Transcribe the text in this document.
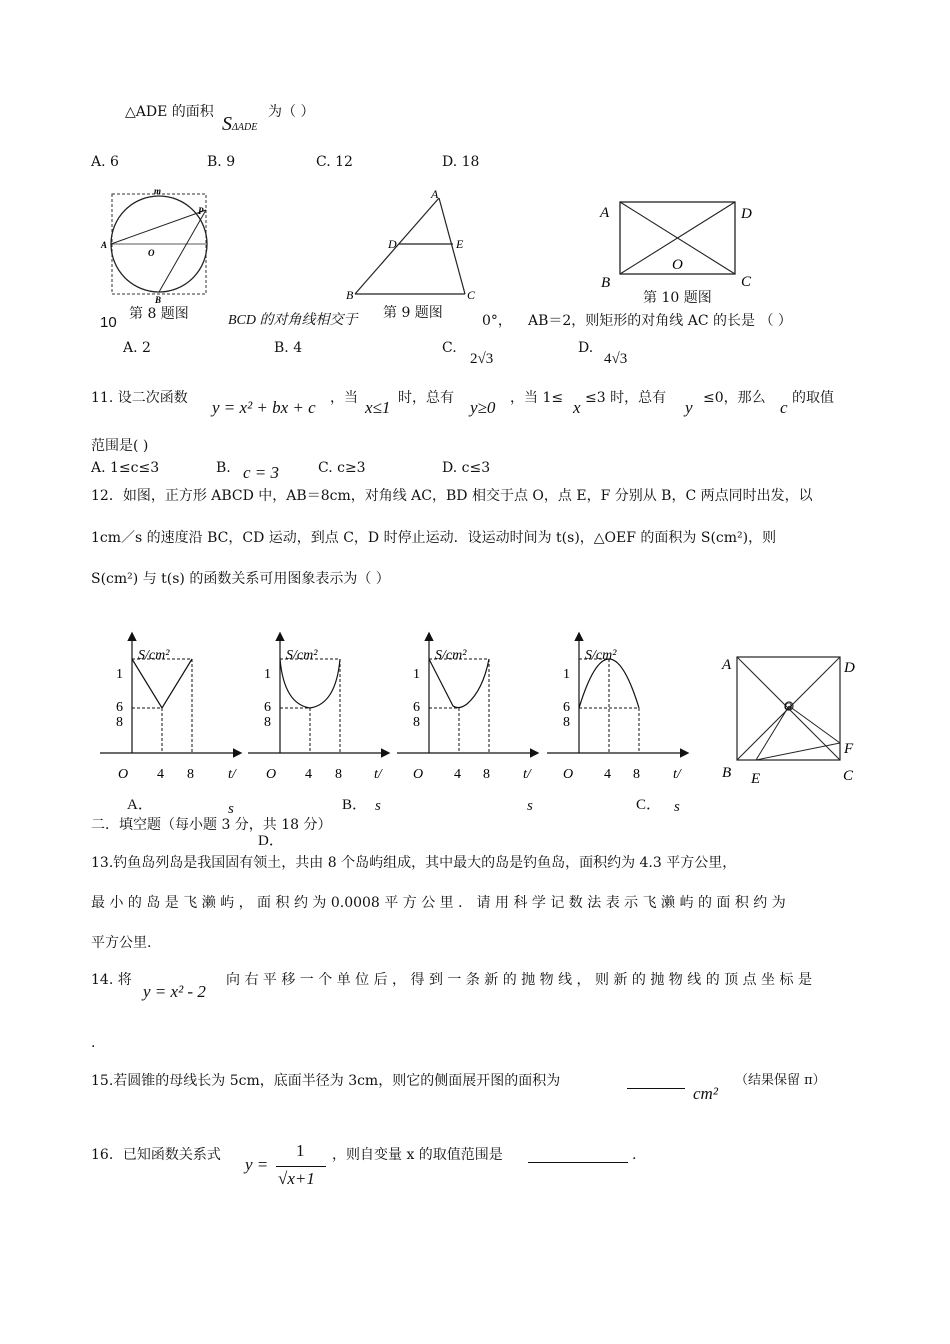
△ADE 的面积
SΔADE
为（ ）
A. 6	B. 9	C. 12	D. 18
m
P
A
O
B
第 8 题图
A
D	E
B	C
第 9 题图
A	D
B	C
O
第 10 题图
10	BCD 的对角线相交于	0°， AB＝2，则矩形的对角线 AC 的长是 （ ）
A. 2	B. 4	C.
2√3
D.
4√3
11. 设二次函数 y = x² + bx + c ，当 x≤1 时，总有 y≥0 ，当 1≤ x ≤3 时，总有 y ≤0，那么 c 的取值
范围是( )
A. 1≤c≤3	B. c = 3	C. c≥3	D. c≤3
12．如图，正方形 ABCD 中，AB＝8cm，对角线 AC，BD 相交于点 O，点 E，F 分别从 B，C 两点同时出发，以
1cm／s 的速度沿 BC，CD 运动，到点 C，D 时停止运动．设运动时间为 t(s)，△OEF 的面积为 S(cm²)，则
S(cm²) 与 t(s) 的函数关系可用图象表示为（ ）
S/cm²
1
6
8
O 4 8 t/
S/cm²
1
6
8
O 4 8 t/
S/cm²
1
6
8
O 4 8 t/
S/cm²
1
6
8
O 4 8 t/
A	D
O
F
B E	C
A．	s	B． s	s	C． s
D．
二．填空题（每小题 3 分，共 18 分）
13.钓鱼岛列岛是我国固有领土，共由 8 个岛屿组成，其中最大的岛是钓鱼岛，面积约为 4.3 平方公里，
最 小 的 岛 是 飞 濑 屿 ， 面 积 约 为 0.0008 平 方 公 里 ． 请 用 科 学 记 数 法 表 示 飞 濑 屿 的 面 积 约 为
平方公里.
14. 将
y = x² - 2
向 右 平 移 一 个 单 位 后 ， 得 到 一 条 新 的 抛 物 线 ， 则 新 的 抛 物 线 的 顶 点 坐 标 是
.
15.若圆锥的母线长为 5cm，底面半径为 3cm，则它的侧面展开图的面积为
cm²
（结果保留 π）
16．已知函数关系式 y =
1
√x+1
，则自变量 x 的取值范围是	.
